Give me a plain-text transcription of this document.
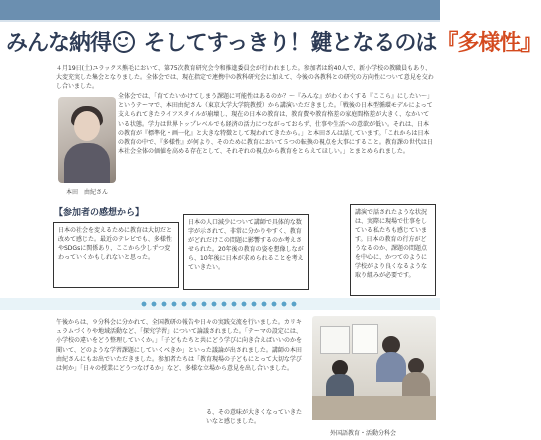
みんな納得 そしてすっきり！鍵となるのは『多様性』
４月19日(土)ユラックス熊毛において、第75次教育研究会令和推進委員会が行われました。参加者は約40人で、新小学校の教職員もあり、大変充実した集会となりました。全体会では、現在指定で連携中の教科研究会に加えて、今後の各教科との研究の方向性について意見を交わし合いました。
本田　由紀さん
全体会では、「育てたいかけてしまう課題に可能性はあるのか？～『みんな』がわくわくする『ここら』にしたい～」というテーマで、本田由紀さん（東京大学大学院教授）から講演いただきました。「戦後の日本型循環モデルによって支えられてきたライフスタイルが崩壊し、現在の日本の教育は、教育費や教育格差の家庭間格差が大きく、なかいている状態。学力は世界トップレベルでも経済の活力につながっておらず、仕事や生活への意欲が低い。それは、日本の教育が『標準化・画一化』と大きな特徴として現われてきたから。」と本田さんは話しています。「これからは日本の教育の中で、『多様性』が何より、そのために教育において５つの転換の視点を大事にすること。教育課の世代は日本社会全体の価値を高める存在として、それぞれの視点から教育をとらえてほしい。」とまとめられました。
【参加者の感想から】
日本の社会を変えるために教育は大切だと改めて感じた。最近のテレビでも、多様性やSDGsに関係あり、ここから少しずつ変わっていくかもしれないと思った。
日本の人口減少について講師で具体的な数字が示されて、非常に分かりやすく、教育がどれだけこの問題に影響するのか考えさせられた。20年後の教育の姿を想像しながら、10年後に日本が求められることを考えていきたい。
講演で話されたような状況は、実際に現場で仕事をしている私たちも感じています。日本の教育の行方がどうなるのか、課題の問題点を中心に、かつてのように学校がより良くなるような取り組みが必要です。
午後からは、９分科会に分かれて、全国教研の報告や日々の実践交流を行いました。カリキュラムづくりや地域活動など、「探究学習」について論議されました。「テーマの設定には、小学校の違いをどう整理していくか。」「子どもたちと共にどう学びに向き合えばいいのかを聞いて、どのような学習課題にしていくべきか」といった議論が出されました。講師の本田由紀さんにもお出でいただきました。参加者たちは「教育現場の子どもにとって大切な学びは何か」「日々の授業にどうつなげるか」など、多様な立場から意見を出し合いました。
る、その意味が大きくなっていきたいなと感じました。
外国語教育・活動分科会
